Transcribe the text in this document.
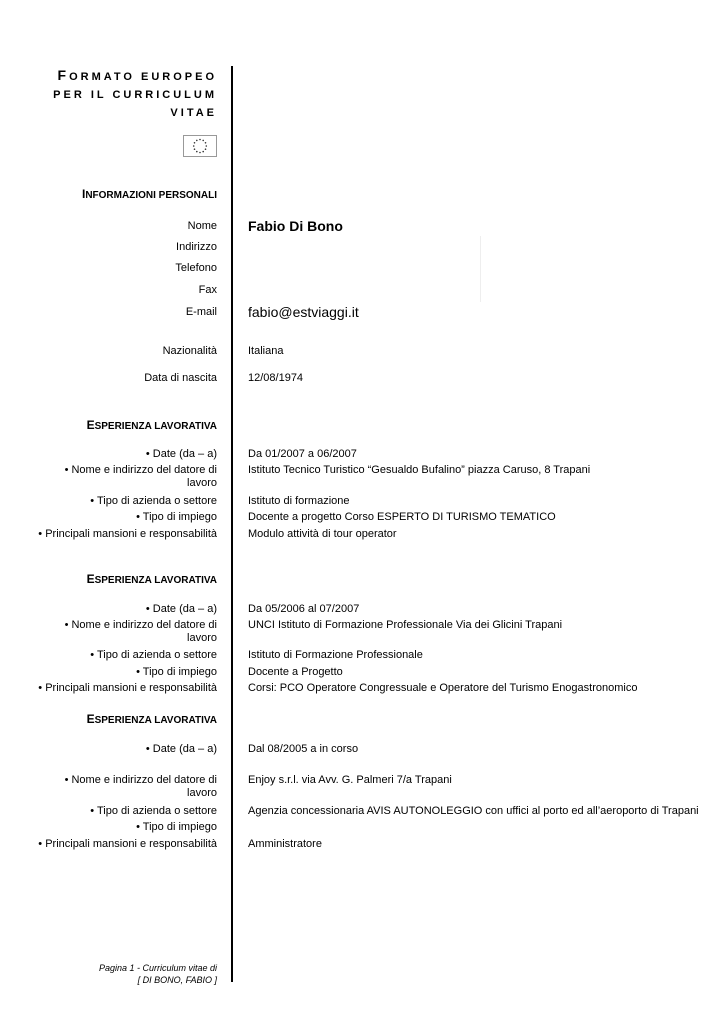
FORMATO EUROPEO
PER IL CURRICULUM
VITAE
INFORMAZIONI PERSONALI
Nome Fabio Di Bono
Indirizzo
Telefono
Fax
E-mail fabio@estviaggi.it
Nazionalità	Italiana
Data di nascita	12/08/1974
ESPERIENZA LAVORATIVA
• Date (da – a)	Da 01/2007 a 06/2007
• Nome e indirizzo del datore di
lavoro
Istituto Tecnico Turistico “Gesualdo Bufalino” piazza Caruso, 8 Trapani
• Tipo di azienda o settore	Istituto di formazione
• Tipo di impiego	Docente a progetto Corso ESPERTO DI TURISMO TEMATICO
• Principali mansioni e responsabilità	Modulo attività di tour operator
ESPERIENZA LAVORATIVA
• Date (da – a)	Da 05/2006 al 07/2007
• Nome e indirizzo del datore di
lavoro
UNCI Istituto di Formazione Professionale Via dei Glicini Trapani
• Tipo di azienda o settore	Istituto di Formazione Professionale
• Tipo di impiego	Docente a Progetto
• Principali mansioni e responsabilità	Corsi: PCO Operatore Congressuale e Operatore del Turismo Enogastronomico
ESPERIENZA LAVORATIVA
• Date (da – a)	Dal 08/2005 a in corso
• Nome e indirizzo del datore di
lavoro
Enjoy s.r.l. via Avv. G. Palmeri 7/a Trapani
• Tipo di azienda o settore	Agenzia concessionaria AVIS AUTONOLEGGIO con uffici al porto ed all’aeroporto di Trapani
• Tipo di impiego
• Principali mansioni e responsabilità	Amministratore
Pagina 1 - Curriculum vitae di
[ DI BONO, FABIO ]
